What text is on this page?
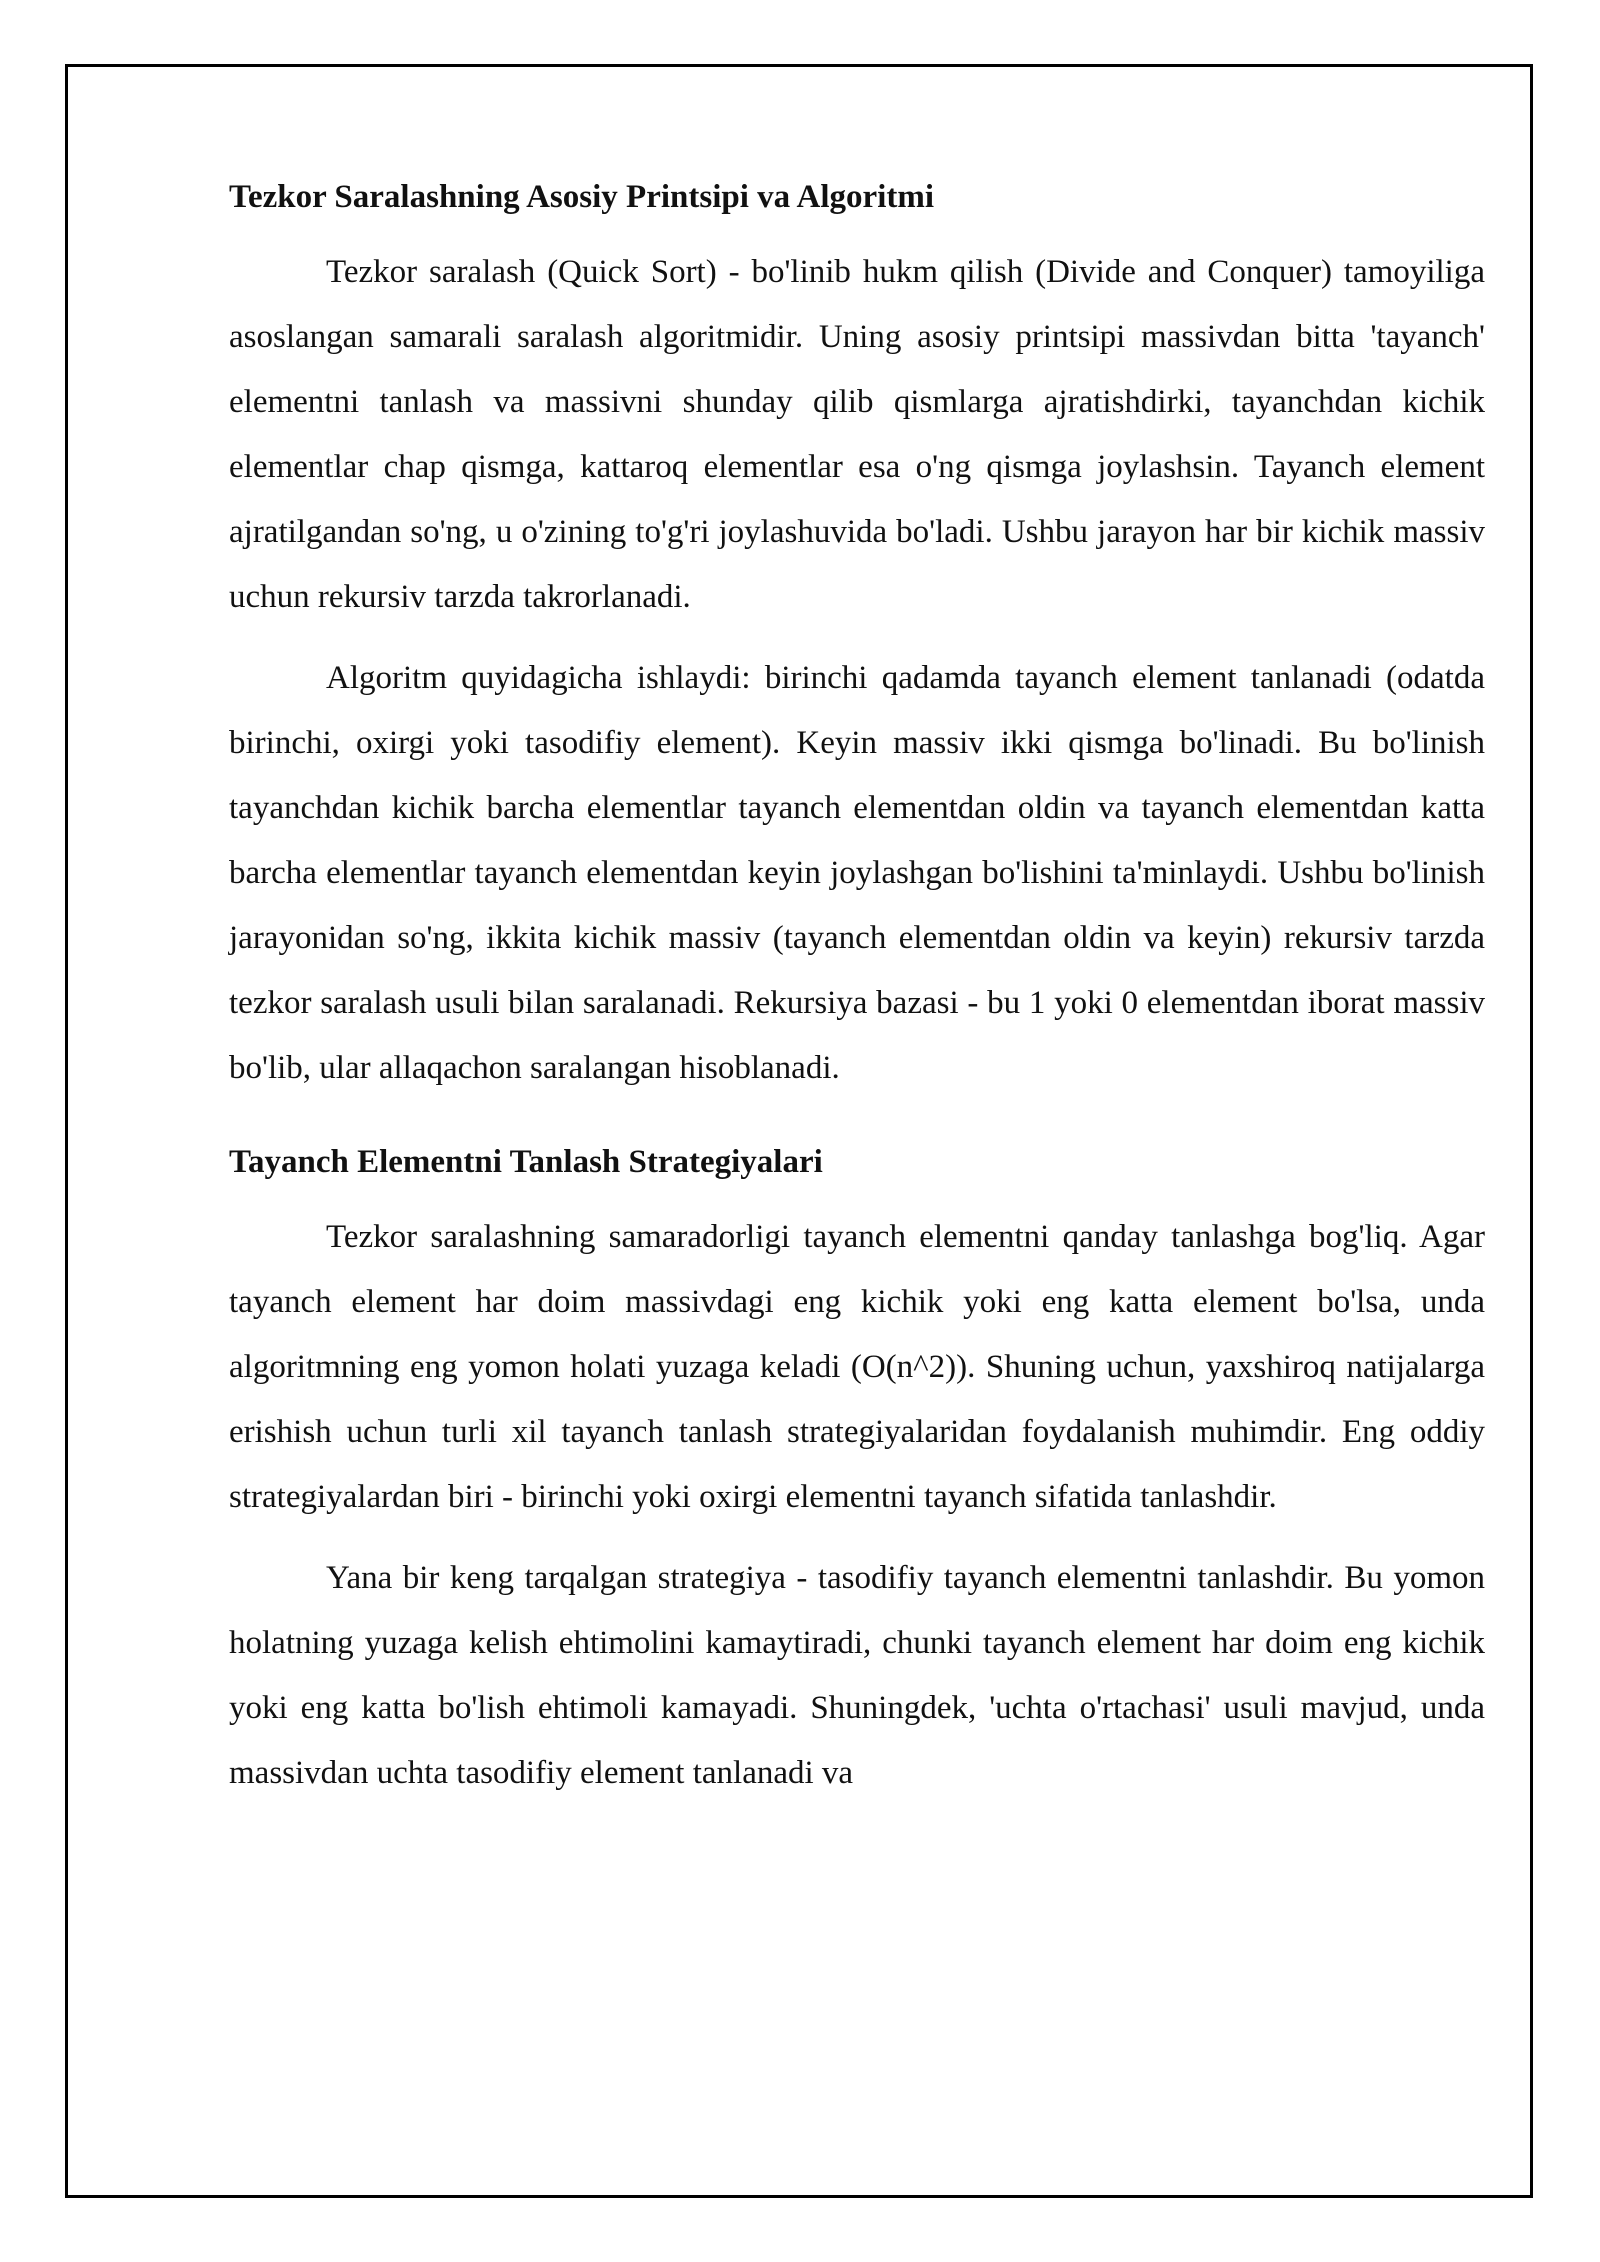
Tezkor Saralashning Asosiy Printsipi va Algoritmi

Tezkor saralash (Quick Sort) - bo'linib hukm qilish (Divide and Conquer) tamoyiliga asoslangan samarali saralash algoritmidir. Uning asosiy printsipi massivdan bitta 'tayanch' elementni tanlash va massivni shunday qilib qismlarga ajratishdirki, tayanchdan kichik elementlar chap qismga, kattaroq elementlar esa o'ng qismga joylashsin. Tayanch element ajratilgandan so'ng, u o'zining to'g'ri joylashuvida bo'ladi. Ushbu jarayon har bir kichik massiv uchun rekursiv tarzda takrorlanadi.

Algoritm quyidagicha ishlaydi: birinchi qadamda tayanch element tanlanadi (odatda birinchi, oxirgi yoki tasodifiy element). Keyin massiv ikki qismga bo'linadi. Bu bo'linish tayanchdan kichik barcha elementlar tayanch elementdan oldin va tayanch elementdan katta barcha elementlar tayanch elementdan keyin joylashgan bo'lishini ta'minlaydi. Ushbu bo'linish jarayonidan so'ng, ikkita kichik massiv (tayanch elementdan oldin va keyin) rekursiv tarzda tezkor saralash usuli bilan saralanadi. Rekursiya bazasi - bu 1 yoki 0 elementdan iborat massiv bo'lib, ular allaqachon saralangan hisoblanadi.

Tayanch Elementni Tanlash Strategiyalari

Tezkor saralashning samaradorligi tayanch elementni qanday tanlashga bog'liq. Agar tayanch element har doim massivdagi eng kichik yoki eng katta element bo'lsa, unda algoritmning eng yomon holati yuzaga keladi (O(n^2)). Shuning uchun, yaxshiroq natijalarga erishish uchun turli xil tayanch tanlash strategiyalaridan foydalanish muhimdir. Eng oddiy strategiyalardan biri - birinchi yoki oxirgi elementni tayanch sifatida tanlashdir.

Yana bir keng tarqalgan strategiya - tasodifiy tayanch elementni tanlashdir. Bu yomon holatning yuzaga kelish ehtimolini kamaytiradi, chunki tayanch element har doim eng kichik yoki eng katta bo'lish ehtimoli kamayadi. Shuningdek, 'uchta o'rtachasi' usuli mavjud, unda massivdan uchta tasodifiy element tanlanadi va
